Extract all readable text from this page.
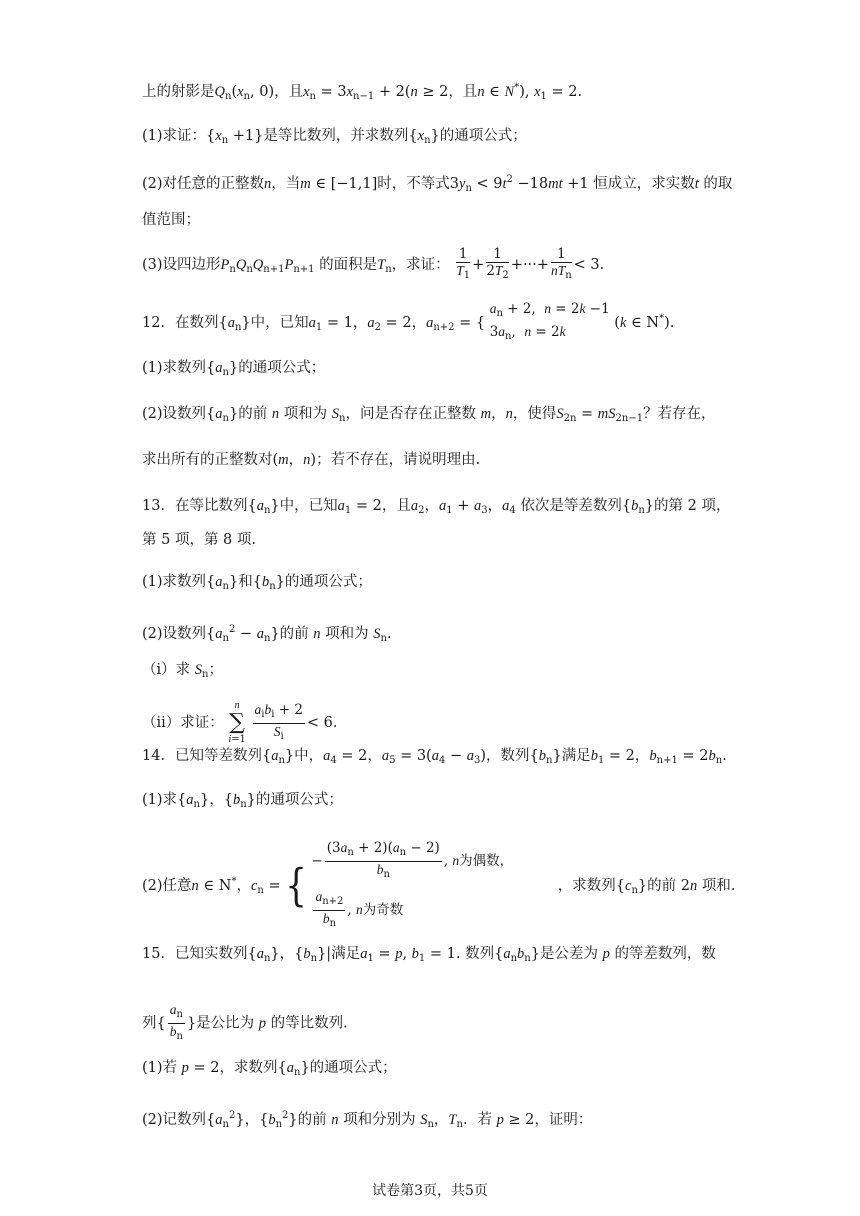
上的射影是$Q_n(x_n$, 0)，且$x_n = 3x_{n-1} + 2(n \ge 2$，且n ∈ N*), $x_1 = 2$.
(1)求证：$\{x_n +1\}$是等比数列，并求数列$\{x_n\}$的通项公式；
(2)对任意的正整数n，当m ∈ [−1,1]时，不等式$3y_n < 9t^2 -18mt +1$ 恒成立，求实数t 的取
值范围；
(3)设四边形$P_nQ_nQ_{n+1}P_{n+1}$ 的面积是$T_n$，求证： $\frac{1}{T_1} + \frac{1}{2T_2}$ +···+ $\frac{1}{nT_n} < 3$.
12．在数列$\{a_n\}$中，已知$a_1 = 1$，$a_2 = 2$，$a_{n+2}$ = {
$a_n + 2$,  n = 2k −1
$3a_n$,  n = 2k
(k ∈ N*).
(1)求数列$\{a_n\}$的通项公式；
(2)设数列$\{a_n\}$的前 n 项和为 $S_n$，问是否存在正整数 m，n，使得$S_{2n} = mS_{2n-1}$？若存在，
求出所有的正整数对(m，n)；若不存在，请说明理由.
13．在等比数列$\{a_n\}$中，已知$a_1 = 2$，且$a_2$，$a_1 + a_3$，$a_4$ 依次是等差数列$\{b_n\}$的第 2 项，
第 5 项，第 8 项.
(1)求数列$\{a_n\}$和$\{b_n\}$的通项公式；
(2)设数列$\{a_n^2 - a_n\}$的前 n 项和为 $S_n$.
（i）求 $S_n$；
（ii）求证：
n
∑
i=1
$\frac{a_ib_i + 2}{S_i} < 6$.
14．已知等差数列$\{a_n\}$中，$a_4 = 2$，$a_5 = 3(a_4 - a_3)$，数列$\{b_n\}$满足$b_1 = 2$，$b_{n+1} = 2b_n$.
(1)求$\{a_n\}$，$\{b_n\}$的通项公式；
(2)任意n ∈ N*，$c_n$ = { − $\frac{(3a_n + 2)(a_n - 2)}{b_n}$ , n为偶数，
$\frac{a_{n+2}}{b_n}$ , n为奇数
，求数列$\{c_n\}$的前 2n 项和.
15．已知实数列$\{a_n\}$，$\{b_n\}|$满足$a_1 = p$, $b_1 = 1$. 数列$\{a_nb_n\}$是公差为 p 的等差数列，数
列{ $\frac{a_n}{b_n}$ }是公比为 p 的等比数列.
(1)若 p = 2，求数列$\{a_n\}$的通项公式；
(2)记数列$\{a_n^2\}$，$\{b_n^2\}$的前 n 项和分别为 $S_n$，$T_n$．若 p ≥ 2，证明：
试卷第3页，共5页
